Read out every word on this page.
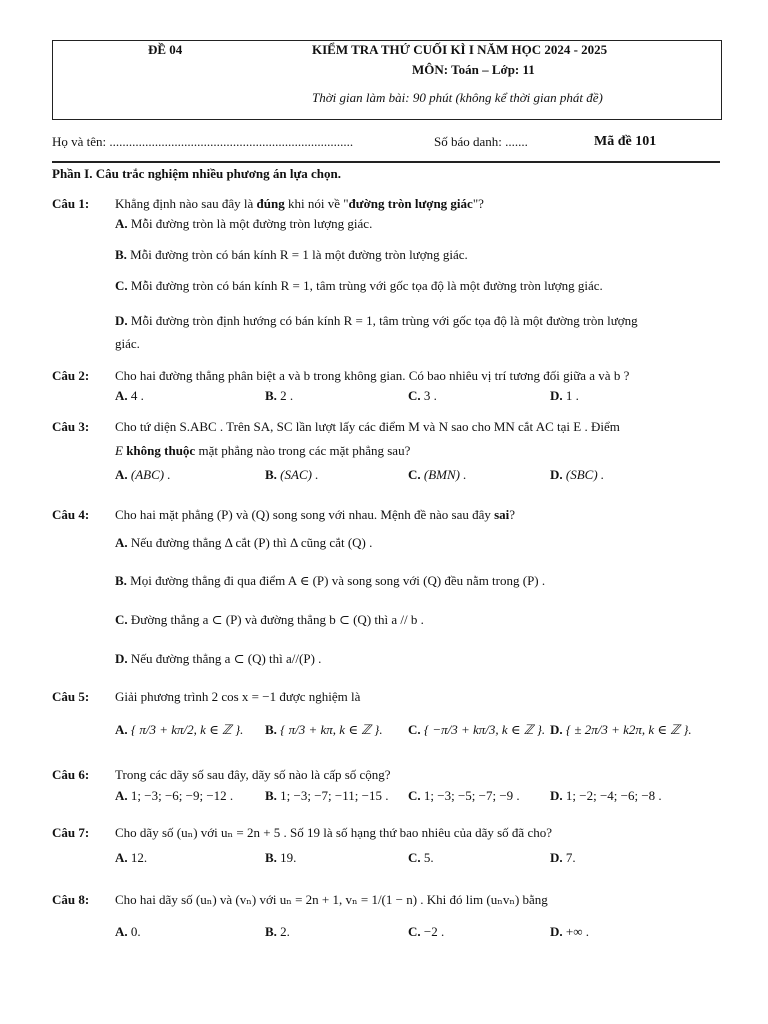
ĐỀ 04	KIỂM TRA THỨ CUỐI KÌ I NĂM HỌC 2024 - 2025
MÔN: Toán – Lớp: 11
Thời gian làm bài: 90 phút (không kể thời gian phát đề)
Họ và tên: ...........................................................................	Số báo danh: .......	Mã đề 101
Phần I. Câu trắc nghiệm nhiều phương án lựa chọn.
Câu 1: Khẳng định nào sau đây là đúng khi nói về "đường tròn lượng giác"?
A. Mỗi đường tròn là một đường tròn lượng giác.
B. Mỗi đường tròn có bán kính R = 1 là một đường tròn lượng giác.
C. Mỗi đường tròn có bán kính R = 1, tâm trùng với gốc tọa độ là một đường tròn lượng giác.
D. Mỗi đường tròn định hướng có bán kính R = 1, tâm trùng với gốc tọa độ là một đường tròn lượng
giác.
Câu 2: Cho hai đường thẳng phân biệt a và b trong không gian. Có bao nhiêu vị trí tương đối giữa a và b ?
A. 4 .	B. 2 .	C. 3 .	D. 1 .
Câu 3: Cho tứ diện S.ABC . Trên SA, SC lần lượt lấy các điểm M và N sao cho MN cắt AC tại E . Điểm
E không thuộc mặt phẳng nào trong các mặt phẳng sau?
A. (ABC) .	B. (SAC) .	C. (BMN) .	D. (SBC) .
Câu 4: Cho hai mặt phẳng (P) và (Q) song song với nhau. Mệnh đề nào sau đây sai?
A. Nếu đường thẳng Δ cắt (P) thì Δ cũng cắt (Q) .
B. Mọi đường thẳng đi qua điểm A ∈ (P) và song song với (Q) đều nằm trong (P) .
C. Đường thẳng a ⊂ (P) và đường thẳng b ⊂ (Q) thì a // b .
D. Nếu đường thẳng a ⊂ (Q) thì a//(P) .
Câu 5: Giải phương trình 2 cos x = −1 được nghiệm là
A. { π/3 + kπ/2, k ∈ ℤ }. B. { π/3 + kπ, k ∈ ℤ }. C. { −π/3 + kπ/3, k ∈ ℤ }. D. { ± 2π/3 + k2π, k ∈ ℤ }.
Câu 6: Trong các dãy số sau đây, dãy số nào là cấp số cộng?
A. 1; −3; −6; −9; −12 . B. 1; −3; −7; −11; −15 . C. 1; −3; −5; −7; −9 . D. 1; −2; −4; −6; −8 .
Câu 7: Cho dãy số (uₙ) với uₙ = 2n + 5 . Số 19 là số hạng thứ bao nhiêu của dãy số đã cho?
A. 12.	B. 19.	C. 5.	D. 7.
Câu 8: Cho hai dãy số (uₙ) và (vₙ) với uₙ = 2n + 1, vₙ = 1/(1 − n) . Khi đó lim (uₙvₙ) bằng
A. 0.	B. 2.	C. −2 .	D. +∞ .
